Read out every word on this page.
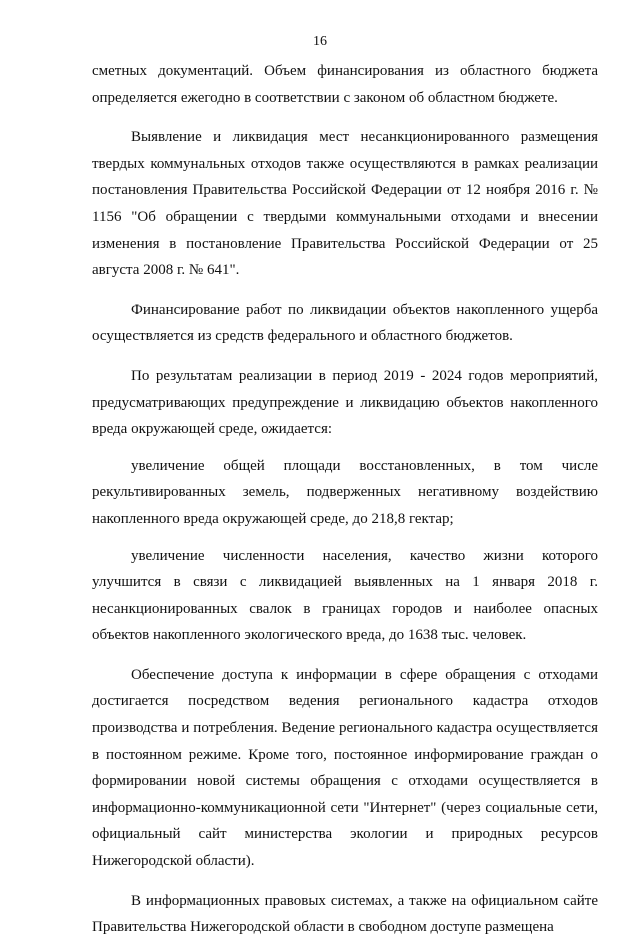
16

сметных документаций. Объем финансирования из областного бюджета определяется ежегодно в соответствии с законом об областном бюджете.

Выявление и ликвидация мест несанкционированного размещения твердых коммунальных отходов также осуществляются в рамках реализации постановления Правительства Российской Федерации от 12 ноября 2016 г. № 1156 "Об обращении с твердыми коммунальными отходами и внесении изменения в постановление Правительства Российской Федерации от 25 августа 2008 г. № 641".

Финансирование работ по ликвидации объектов накопленного ущерба осуществляется из средств федерального и областного бюджетов.

По результатам реализации в период 2019 - 2024 годов мероприятий, предусматривающих предупреждение и ликвидацию объектов накопленного вреда окружающей среде, ожидается:

увеличение общей площади восстановленных, в том числе рекультивированных земель, подверженных негативному воздействию накопленного вреда окружающей среде, до 218,8 гектар;

увеличение численности населения, качество жизни которого улучшится в связи с ликвидацией выявленных на 1 января 2018 г. несанкционированных свалок в границах городов и наиболее опасных объектов накопленного экологического вреда, до 1638 тыс. человек.

Обеспечение доступа к информации в сфере обращения с отходами достигается посредством ведения регионального кадастра отходов производства и потребления. Ведение регионального кадастра осуществляется в постоянном режиме. Кроме того, постоянное информирование граждан о формировании новой системы обращения с отходами осуществляется в информационно-коммуникационной сети "Интернет" (через социальные сети, официальный сайт министерства экологии и природных ресурсов Нижегородской области).

В информационных правовых системах, а также на официальном сайте Правительства Нижегородской области в свободном доступе размещена
